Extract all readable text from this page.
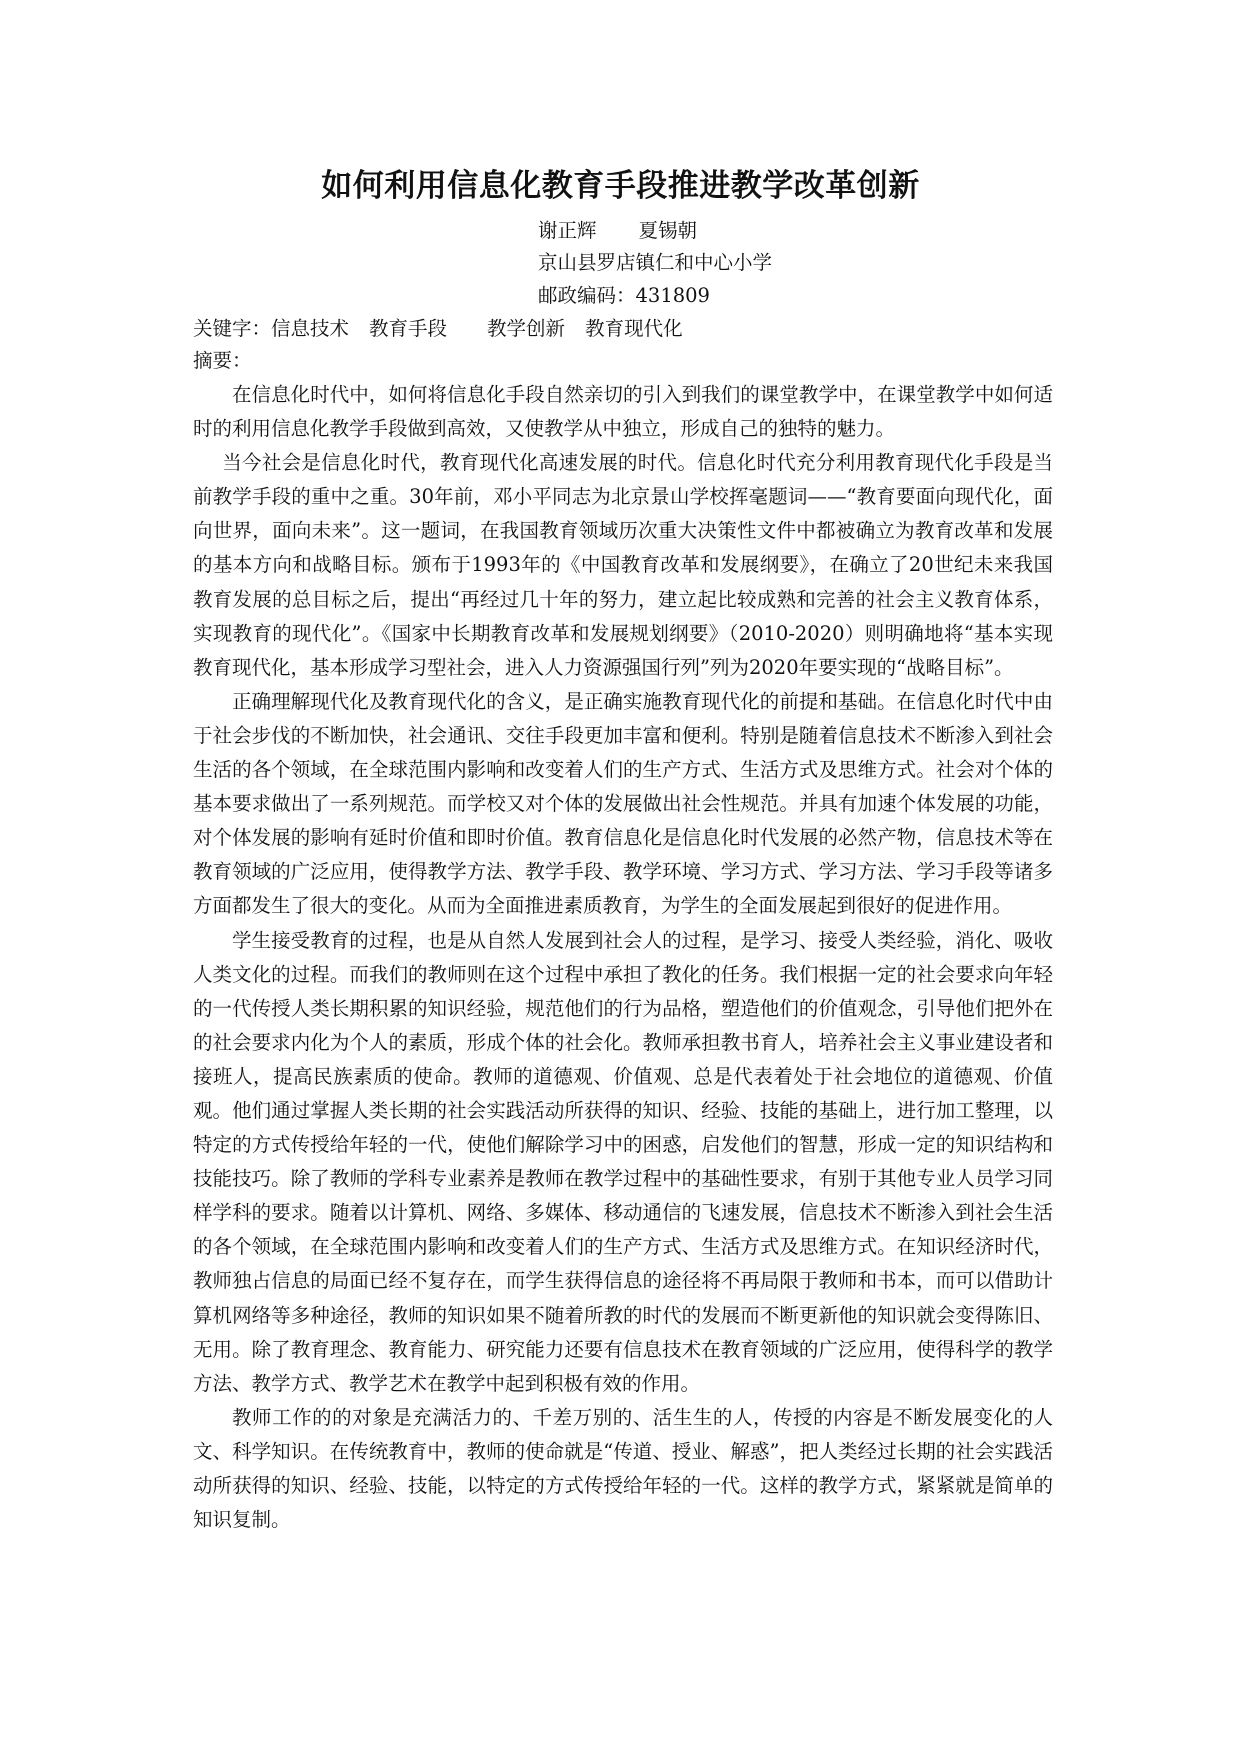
如何利用信息化教育手段推进教学改革创新
谢正辉 夏锡朝
京山县罗店镇仁和中心小学
邮政编码：431809
关键字：信息技术 教育手段 教学创新 教育现代化
摘要：

在信息化时代中，如何将信息化手段自然亲切的引入到我们的课堂教学中，在课堂教学中如何适时的利用信息化教学手段做到高效，又使教学从中独立，形成自己的独特的魅力。

当今社会是信息化时代，教育现代化高速发展的时代。信息化时代充分利用教育现代化手段是当前教学手段的重中之重。30年前，邓小平同志为北京景山学校挥毫题词——“教育要面向现代化，面向世界，面向未来”。这一题词，在我国教育领域历次重大决策性文件中都被确立为教育改革和发展的基本方向和战略目标。颁布于1993年的《中国教育改革和发展纲要》，在确立了20世纪未来我国教育发展的总目标之后，提出“再经过几十年的努力，建立起比较成熟和完善的社会主义教育体系，实现教育的现代化”。《国家中长期教育改革和发展规划纲要》（2010-2020）则明确地将“基本实现教育现代化，基本形成学习型社会，进入人力资源强国行列”列为2020年要实现的“战略目标”。

正确理解现代化及教育现代化的含义，是正确实施教育现代化的前提和基础。在信息化时代中由于社会步伐的不断加快，社会通讯、交往手段更加丰富和便利。特别是随着信息技术不断渗入到社会生活的各个领域，在全球范围内影响和改变着人们的生产方式、生活方式及思维方式。社会对个体的基本要求做出了一系列规范。而学校又对个体的发展做出社会性规范。并具有加速个体发展的功能，对个体发展的影响有延时价值和即时价值。教育信息化是信息化时代发展的必然产物，信息技术等在教育领域的广泛应用，使得教学方法、教学手段、教学环境、学习方式、学习方法、学习手段等诸多方面都发生了很大的变化。从而为全面推进素质教育，为学生的全面发展起到很好的促进作用。

学生接受教育的过程，也是从自然人发展到社会人的过程，是学习、接受人类经验，消化、吸收人类文化的过程。而我们的教师则在这个过程中承担了教化的任务。我们根据一定的社会要求向年轻的一代传授人类长期积累的知识经验，规范他们的行为品格，塑造他们的价值观念，引导他们把外在的社会要求内化为个人的素质，形成个体的社会化。教师承担教书育人，培养社会主义事业建设者和接班人，提高民族素质的使命。教师的道德观、价值观、总是代表着处于社会地位的道德观、价值观。他们通过掌握人类长期的社会实践活动所获得的知识、经验、技能的基础上，进行加工整理，以特定的方式传授给年轻的一代，使他们解除学习中的困惑，启发他们的智慧，形成一定的知识结构和技能技巧。除了教师的学科专业素养是教师在教学过程中的基础性要求，有别于其他专业人员学习同样学科的要求。随着以计算机、网络、多媒体、移动通信的飞速发展，信息技术不断渗入到社会生活的各个领域，在全球范围内影响和改变着人们的生产方式、生活方式及思维方式。在知识经济时代，教师独占信息的局面已经不复存在，而学生获得信息的途径将不再局限于教师和书本，而可以借助计算机网络等多种途径，教师的知识如果不随着所教的时代的发展而不断更新他的知识就会变得陈旧、无用。除了教育理念、教育能力、研究能力还要有信息技术在教育领域的广泛应用，使得科学的教学方法、教学方式、教学艺术在教学中起到积极有效的作用。

教师工作的的对象是充满活力的、千差万别的、活生生的人，传授的内容是不断发展变化的人文、科学知识。在传统教育中，教师的使命就是“传道、授业、解惑”，把人类经过长期的社会实践活动所获得的知识、经验、技能，以特定的方式传授给年轻的一代。这样的教学方式，紧紧就是简单的知识复制。
